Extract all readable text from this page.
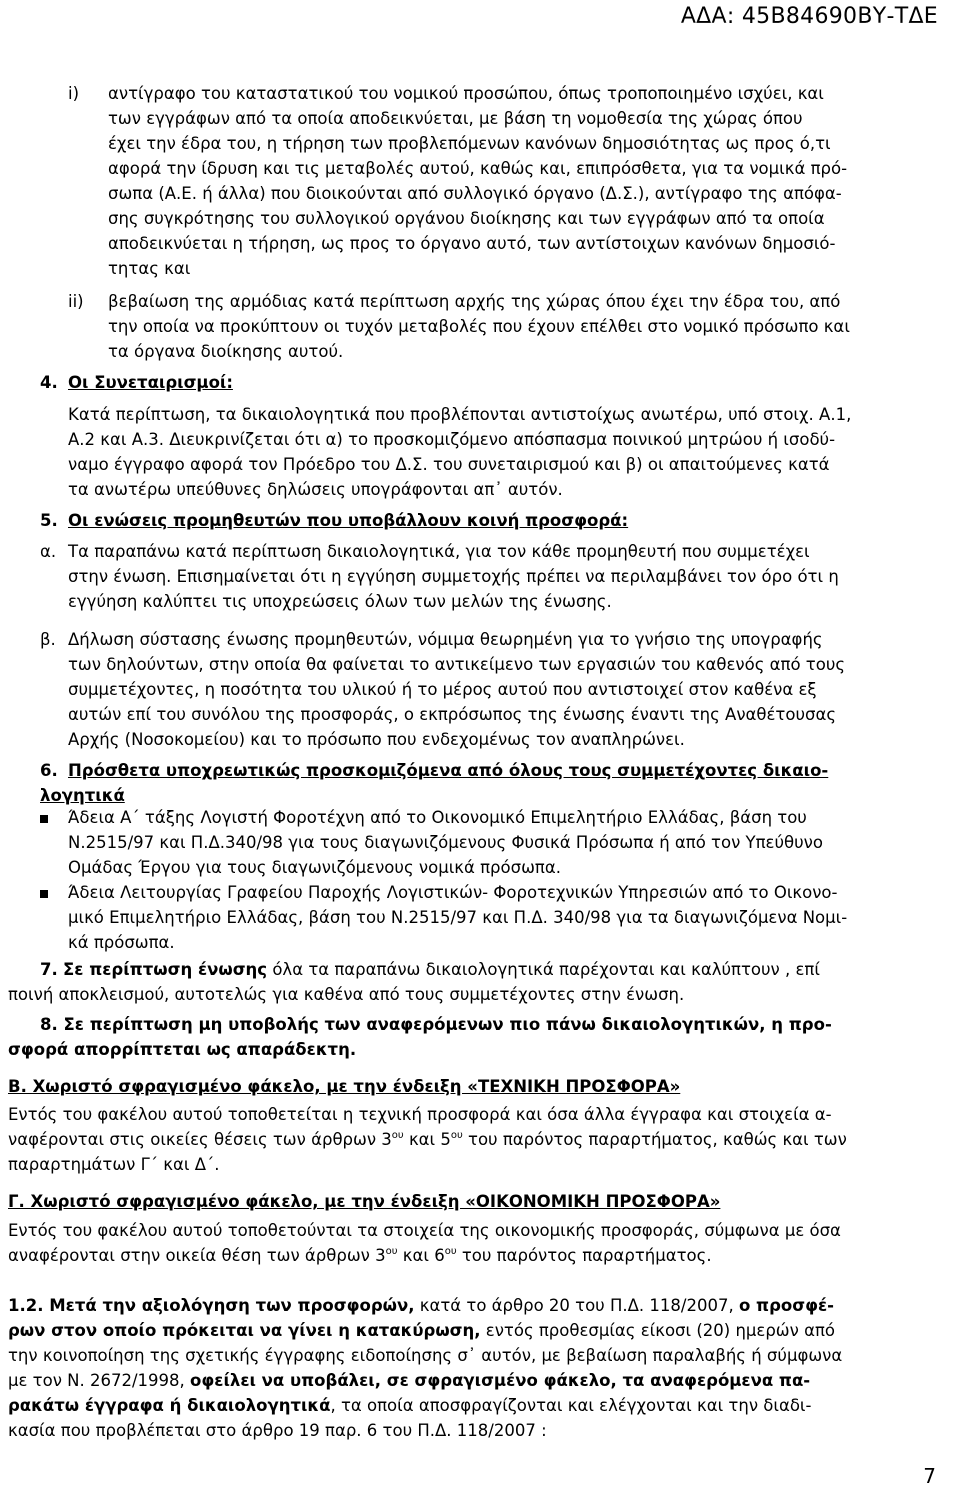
ΑΔΑ: 45Β84690ΒΥ-ΤΔΕ
i) αντίγραφο του καταστατικού του νομικού προσώπου, όπως τροποποιημένο ισχύει, και
των εγγράφων από τα οποία αποδεικνύεται, με βάση τη νομοθεσία της χώρας όπου
έχει την έδρα του, η τήρηση των προβλεπόμενων κανόνων δημοσιότητας ως προς ό,τι
αφορά την ίδρυση και τις μεταβολές αυτού, καθώς και, επιπρόσθετα, για τα νομικά πρό-
σωπα (Α.Ε. ή άλλα) που διοικούνται από συλλογικό όργανο (Δ.Σ.), αντίγραφο της απόφα-
σης συγκρότησης του συλλογικού οργάνου διοίκησης και των εγγράφων από τα οποία
αποδεικνύεται η τήρηση, ως προς το όργανο αυτό, των αντίστοιχων κανόνων δημοσιό-
τητας και
ii) βεβαίωση της αρμόδιας κατά περίπτωση αρχής της χώρας όπου έχει την έδρα του, από
την οποία να προκύπτουν οι τυχόν μεταβολές που έχουν επέλθει στο νομικό πρόσωπο και
τα όργανα διοίκησης αυτού.
4. Οι Συνεταιρισμοί:
Κατά περίπτωση, τα δικαιολογητικά που προβλέπονται αντιστοίχως ανωτέρω, υπό στοιχ. Α.1,
Α.2 και Α.3. Διευκρινίζεται ότι α) το προσκομιζόμενο απόσπασμα ποινικού μητρώου ή ισοδύ-
ναμο έγγραφο αφορά τον Πρόεδρο του Δ.Σ. του συνεταιρισμού και β) οι απαιτούμενες κατά
τα ανωτέρω υπεύθυνες δηλώσεις υπογράφονται απ᾽ αυτόν.
5. Οι ενώσεις προμηθευτών που υποβάλλουν κοινή προσφορά:
α. Τα παραπάνω κατά περίπτωση δικαιολογητικά, για τον κάθε προμηθευτή που συμμετέχει
στην ένωση. Επισημαίνεται ότι η εγγύηση συμμετοχής πρέπει να περιλαμβάνει τον όρο ότι η
εγγύηση καλύπτει τις υποχρεώσεις όλων των μελών της ένωσης.
β. Δήλωση σύστασης ένωσης προμηθευτών, νόμιμα θεωρημένη για το γνήσιο της υπογραφής
των δηλούντων, στην οποία θα φαίνεται το αντικείμενο των εργασιών του καθενός από τους
συμμετέχοντες, η ποσότητα του υλικού ή το μέρος αυτού που αντιστοιχεί στον καθένα εξ
αυτών επί του συνόλου της προσφοράς, ο εκπρόσωπος της ένωσης έναντι της Αναθέτουσας
Αρχής (Νοσοκομείου) και το πρόσωπο που ενδεχομένως τον αναπληρώνει.
6. Πρόσθετα υποχρεωτικώς προσκομιζόμενα από όλους τους συμμετέχοντες δικαιο-
λογητικά
Άδεια Α΄ τάξης Λογιστή Φοροτέχνη από το Οικονομικό Επιμελητήριο Ελλάδας, βάση του
Ν.2515/97 και Π.Δ.340/98 για τους διαγωνιζόμενους Φυσικά Πρόσωπα ή από τον Υπεύθυνο
Ομάδας Έργου για τους διαγωνιζόμενους νομικά πρόσωπα.
Άδεια Λειτουργίας Γραφείου Παροχής Λογιστικών- Φοροτεχνικών Υπηρεσιών από το Οικονο-
μικό Επιμελητήριο Ελλάδας, βάση του Ν.2515/97 και Π.Δ. 340/98 για τα διαγωνιζόμενα Νομι-
κά πρόσωπα.
7. Σε περίπτωση ένωσης όλα τα παραπάνω δικαιολογητικά παρέχονται και καλύπτουν , επί
ποινή αποκλεισμού, αυτοτελώς για καθένα από τους συμμετέχοντες στην ένωση.
8. Σε περίπτωση μη υποβολής των αναφερόμενων πιο πάνω δικαιολογητικών, η προ-
σφορά απορρίπτεται ως απαράδεκτη.
Β. Χωριστό σφραγισμένο φάκελο, με την ένδειξη «ΤΕΧΝΙΚΗ ΠΡΟΣΦΟΡΑ»
Εντός του φακέλου αυτού τοποθετείται η τεχνική προσφορά και όσα άλλα έγγραφα και στοιχεία α-
ναφέρονται στις οικείες θέσεις των άρθρων $3^{o\upsilon}$ και $5^{o\upsilon}$ του παρόντος παραρτήματος, καθώς και των
παραρτημάτων Γ΄ και Δ΄.
Γ. Χωριστό σφραγισμένο φάκελο, με την ένδειξη «ΟΙΚΟΝΟΜΙΚΗ ΠΡΟΣΦΟΡΑ»
Εντός του φακέλου αυτού τοποθετούνται τα στοιχεία της οικονομικής προσφοράς, σύμφωνα με όσα
αναφέρονται στην οικεία θέση των άρθρων $3^{o\upsilon}$ και $6^{o\upsilon}$ του παρόντος παραρτήματος.
1.2. Μετά την αξιολόγηση των προσφορών, κατά το άρθρο 20 του Π.Δ. 118/2007, ο προσφέ-
ρων στον οποίο πρόκειται να γίνει η κατακύρωση, εντός προθεσμίας είκοσι (20) ημερών από
την κοινοποίηση της σχετικής έγγραφης ειδοποίησης σ᾽ αυτόν, με βεβαίωση παραλαβής ή σύμφωνα
με τον Ν. 2672/1998, οφείλει να υποβάλει, σε σφραγισμένο φάκελο, τα αναφερόμενα πα-
ρακάτω έγγραφα ή δικαιολογητικά, τα οποία αποσφραγίζονται και ελέγχονται και την διαδι-
κασία που προβλέπεται στο άρθρο 19 παρ. 6 του Π.Δ. 118/2007 :
7
